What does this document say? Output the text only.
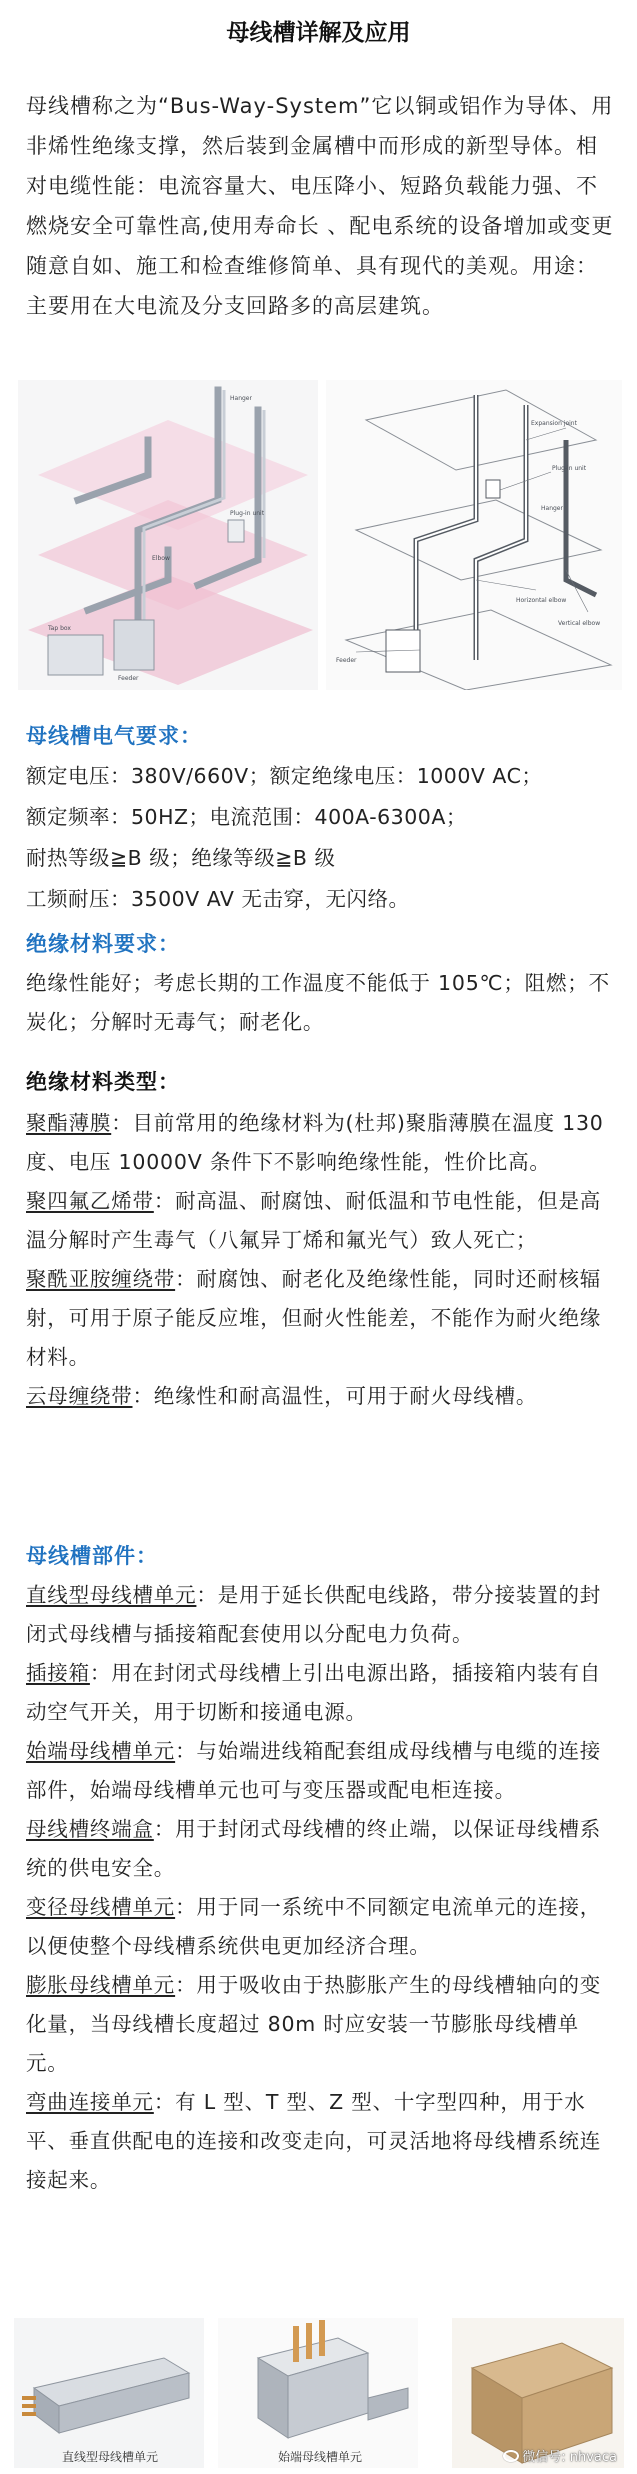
母线槽详解及应用

母线槽称之为“Bus-Way-System”它以铜或铝作为导体、用非烯性绝缘支撑，然后装到金属槽中而形成的新型导体。相对电缆性能：电流容量大、电压降小、短路负载能力强、不燃烧安全可靠性高,使用寿命长 、配电系统的设备增加或变更随意自如、施工和检查维修简单、具有现代的美观。用途：主要用在大电流及分支回路多的高层建筑。

Hanger
Plug-in unit
Elbow
Feeder
Tap box
Plug-in unit
Expansion joint
Hanger
Horizontal elbow
Vertical elbow
Feeder
母线槽电气要求：
额定电压：380V/660V；额定绝缘电压：1000V AC；
额定频率：50HZ；电流范围：400A-6300A；
耐热等级≧B 级；绝缘等级≧B 级
工频耐压：3500V AV 无击穿，无闪络。
绝缘材料要求：
绝缘性能好；考虑长期的工作温度不能低于 105℃；阻燃；不炭化；分解时无毒气；耐老化。
绝缘材料类型：

聚酯薄膜：目前常用的绝缘材料为(杜邦)聚脂薄膜在温度 130 度、电压 10000V 条件下不影响绝缘性能，性价比高。

聚四氟乙烯带：耐高温、耐腐蚀、耐低温和节电性能，但是高温分解时产生毒气（八氟异丁烯和氟光气）致人死亡；

聚酰亚胺缠绕带：耐腐蚀、耐老化及绝缘性能，同时还耐核辐射，可用于原子能反应堆，但耐火性能差，不能作为耐火绝缘材料。

云母缠绕带：绝缘性和耐高温性，可用于耐火母线槽。

母线槽部件：

直线型母线槽单元：是用于延长供配电线路，带分接装置的封闭式母线槽与插接箱配套使用以分配电力负荷。

插接箱：用在封闭式母线槽上引出电源出路，插接箱内装有自动空气开关，用于切断和接通电源。

始端母线槽单元：与始端进线箱配套组成母线槽与电缆的连接部件，始端母线槽单元也可与变压器或配电柜连接。

母线槽终端盒：用于封闭式母线槽的终止端，以保证母线槽系统的供电安全。

变径母线槽单元：用于同一系统中不同额定电流单元的连接，以便使整个母线槽系统供电更加经济合理。

膨胀母线槽单元：用于吸收由于热膨胀产生的母线槽轴向的变化量，当母线槽长度超过 80m 时应安装一节膨胀母线槽单元。

弯曲连接单元：有 L 型、T 型、Z 型、十字型四种，用于水平、垂直供配电的连接和改变走向，可灵活地将母线槽系统连接起来。

直线型母线槽单元	始端母线槽单元	微信号: nhvaca
